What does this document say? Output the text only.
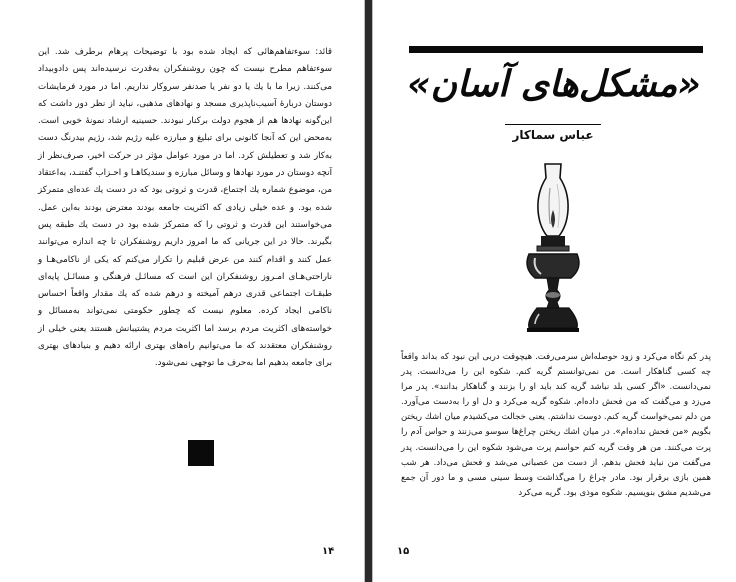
قائد: سوءتفاهم‌هائی که ایجاد شده بود با توضیحات پرهام برطرف شد. این سوءتفاهم مطرح نیست که چون روشنفکران به‌قدرت نرسیده‌اند پس دادوبیداد می‌کنند. زیرا ما با یك یا دو نفر یا صدنفر سروکار نداریم. اما در مورد فرمایشات دوستان دربارهٔ آسیب‌ناپذیری مسجد و نهادهای مذهبی، نباید از نظر دور داشت که این‌گونه نهادها هم از هجوم دولت برکنار نبودند. حسینیه ارشاد نمونهٔ خوبی است. به‌محض این که آنجا کانونی برای تبلیغ و مبارزه علیه رژیم شد، رژیم بیدرنگ دست به‌کار شد و تعطیلش کرد. اما در مورد عوامل مؤثر در حرکت اخیر، صرف‌نظر از آنچه دوستان در مورد نهادها و وسائل مبارزه و سندیکاهـا و احـزاب گفتنـد، به‌اعتقاد من، موضوع شماره یك اجتماع، قدرت و ثروتی بود که در دست یك عده‌ای متمرکز شده بود. و عده خیلی زیادی که اکثریت جامعه بودند معترض بودند به‌این عمل. می‌خواستند این قدرت و ثروتی را که متمرکز شده بود در دست یك طبقه پس بگیرند. حالا در این جریانی که ما امروز داریم روشنفکران تا چه اندازه می‌توانند عمل کنند و اقدام کنند من عرض قبلیم را تکرار می‌کنم که یکی از ناکامی‌هـا و ناراحتی‌هـای امـروز روشنفکران این است که مسائـل فرهنگی و مسائـل پایه‌ای طبقـات اجتماعی قدری درهم آمیخته و درهم شده که یك مقدار واقعاً احساس ناکامی ایجاد کرده. معلوم نیست که چطور حکومتی نمی‌تواند به‌مسائل و خواسته‌های اکثریت مردم برسد اما اکثریت مردم پشتیبانش هستند یعنی خیلی از روشنفکران معتقدند که ما می‌توانیم راه‌های بهتری ارائه دهیم و بنیادهای بهتری برای جامعه بدهیم اما به‌حرف ما توجهی نمی‌شود.

۱۴

«مشکل‌های آسان»

عباس سماکار

پدر کم نگاه می‌کرد و زود حوصله‌اش سرمی‌رفت. هیچوقت دربی این نبود که بداند واقعاً چه کسی گناهکار است. من نمی‌توانستم گریه کنم. شکوه این را می‌دانست. پدر نمی‌دانست. «اگر کسی بلد نباشد گریه کند باید او را بزنند و گناهکار بدانند». پدر مرا می‌زد و می‌گفت که من فحش داده‌ام. شکوه گریه می‌کرد و دل او را به‌دست می‌آورد. من دلم نمی‌خواست گریه کنم. دوست نداشتم. یعنی خجالت می‌کشیدم میان اشك ریختن بگویم «من فحش نداده‌ام». در میان اشك ریختن چراغ‌ها سوسو می‌زنند و حواس آدم را پرت می‌کنند. من هر وقت گریه کنم حواسم پرت می‌شود شکوه این را می‌دانست. پدر می‌گفت من نباید فحش بدهم. از دست من عصبانی می‌شد و فحش می‌داد. هر شب همین بازی برقرار بود. مادر چراغ را می‌گذاشت وسط سینی مسی و ما دور آن جمع می‌شدیم مشق بنویسیم. شکوه موذی بود. گریه می‌کرد

۱۵
